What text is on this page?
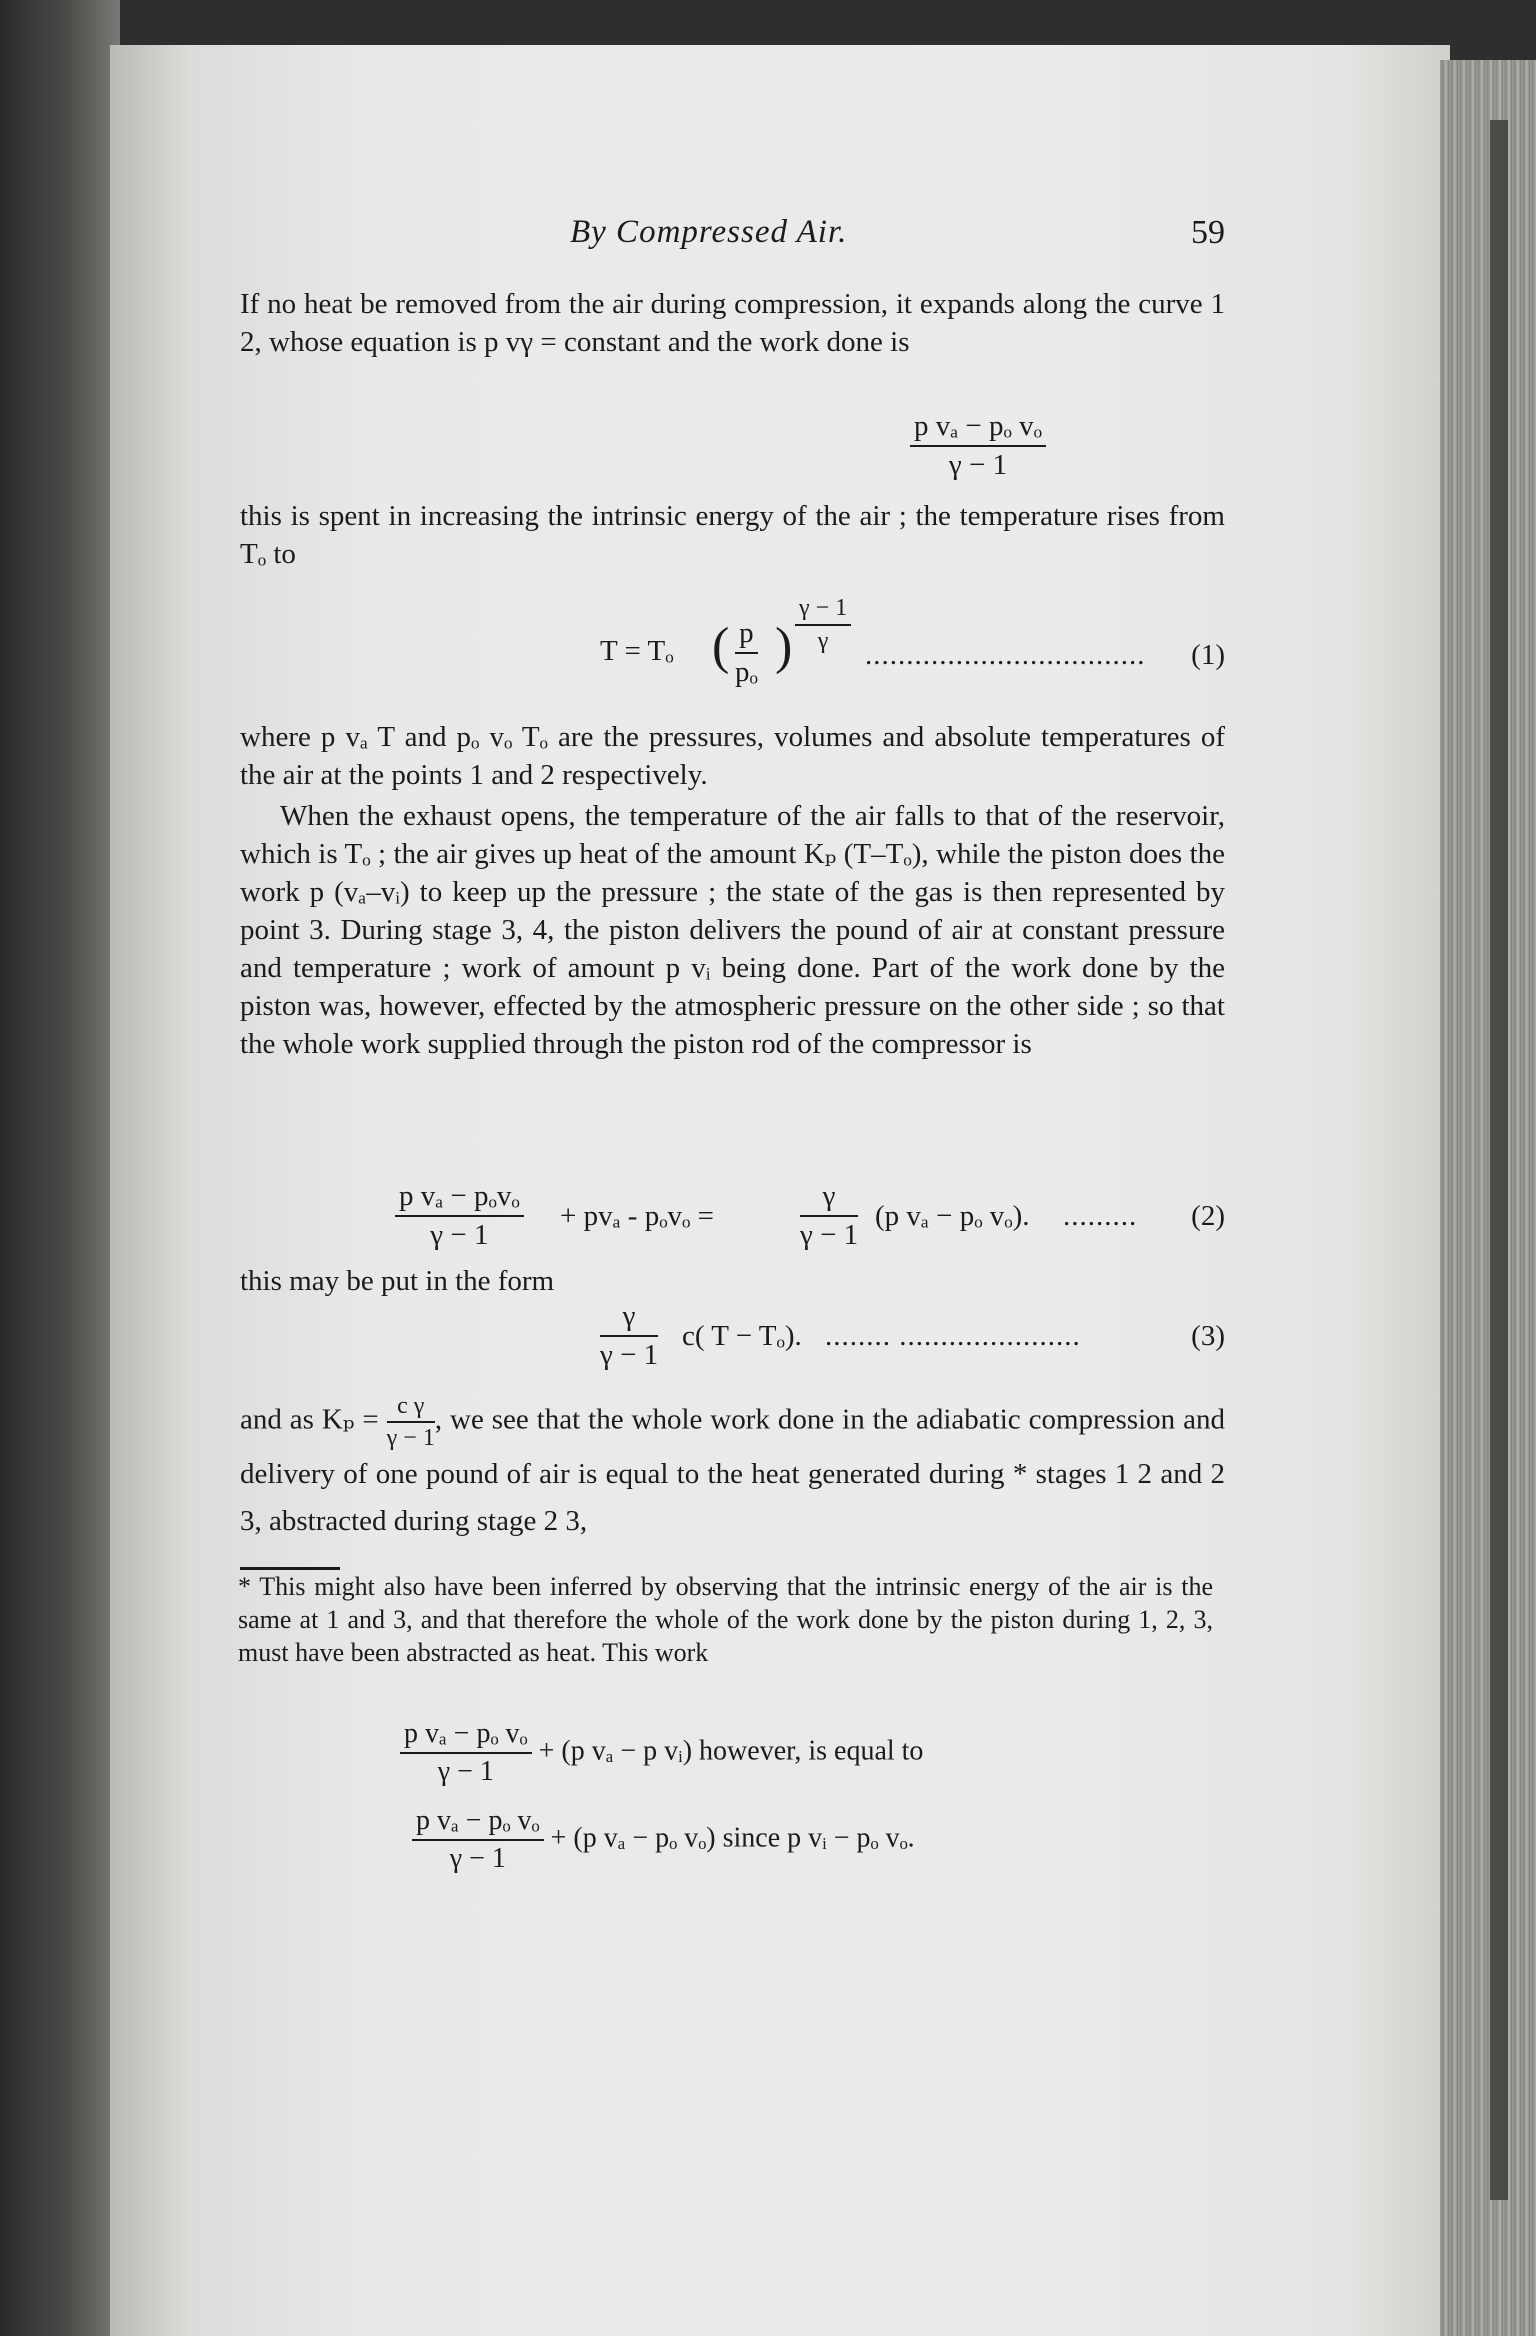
By Compressed Air.	59
If no heat be removed from the air during compression, it expands along the curve 1 2, whose equation is p vγ = constant and the work done is
$\frac{\text{p vₐ − pₒ vₒ}}{\gamma - 1}$
this is spent in increasing the intrinsic energy of the air ; the temperature rises from Tₒ to
T = Tₒ ( $\frac{p}{\text{pₒ}}$ ) $\frac{\gamma - 1}{\gamma}$ .................................. (1)
where p vₐ T and pₒ vₒ Tₒ are the pressures, volumes and absolute temperatures of the air at the points 1 and 2 respectively.
When the exhaust opens, the temperature of the air falls to that of the reservoir, which is Tₒ ; the air gives up heat of the amount Kₚ (T–Tₒ), while the piston does the work p (vₐ–vᵢ) to keep up the pressure ; the state of the gas is then represented by point 3. During stage 3, 4, the piston delivers the pound of air at constant pressure and temperature ; work of amount p vᵢ being done. Part of the work done by the piston was, however, effected by the atmospheric pressure on the other side ; so that the whole work supplied through the piston rod of the compressor is
p vₐ − pₒvₒ
γ − 1
+ pvₐ - pₒvₒ =	$\frac{\gamma}{\gamma - 1} (p$ vₐ − pₒ vₒ). ......... (2)
this may be put in the form
$\frac{\gamma}{\gamma - 1} c$( T − Tₒ). ........ ......................	(3)
and as $K_p = \frac{\text{c γ}}{\gamma - 1}$ , we see that the whole work done in the adiabatic compression and delivery of one pound of air is equal to the heat generated during * stages 1 2 and 2 3, abstracted during stage 2 3,
* This might also have been inferred by observing that the intrinsic energy of the air is the same at 1 and 3, and that therefore the whole of the work done by the piston during 1, 2, 3, must have been abstracted as heat. This work
$\frac{\text{p vₐ − pₒ vₒ}}{\gamma - 1} + (p$ vₐ − p vᵢ) however, is equal to
$\frac{\text{p vₐ − pₒ vₒ}}{\gamma - 1} + (p$ vₐ − pₒ vₒ) since p vᵢ − pₒ vₒ.
